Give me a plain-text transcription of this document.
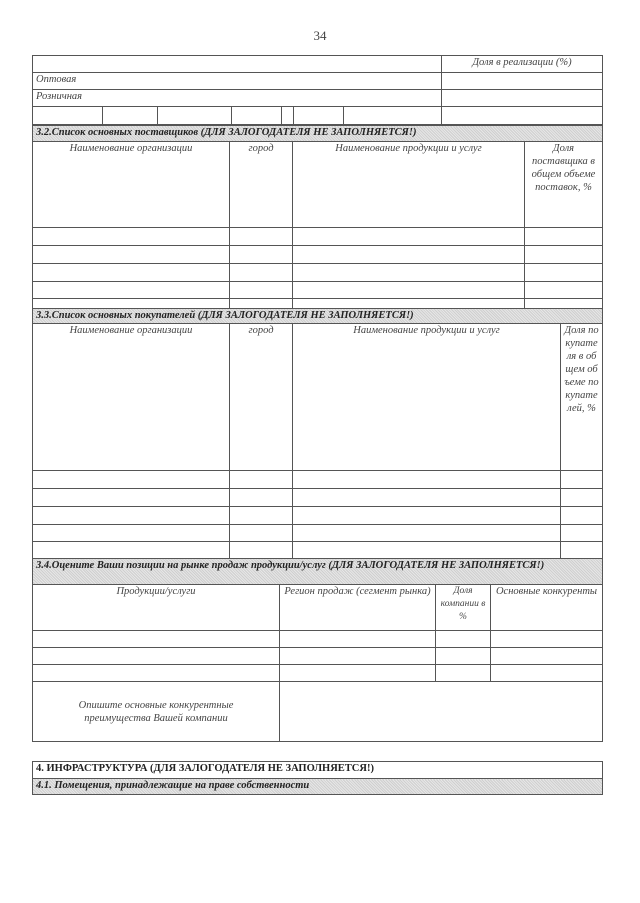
34
							Доля в реализации (%)
Оптовая							
Розничная							

3.2.Список основных поставщиков (ДЛЯ ЗАЛОГОДАТЕЛЯ НЕ ЗАПОЛНЯЕТСЯ!)			
Наименование организации	город	Наименование продукции и услуг	Доля поставщика в общем объеме поставок, %

3.3.Список основных покупателей (ДЛЯ ЗАЛОГОДАТЕЛЯ НЕ ЗАПОЛНЯЕТСЯ!)			
Наименование организации	город	Наименование продукции и услуг	Доля покупателя в общем объеме покупателей, %

3.4.Оцените Ваши позиции на рынке продаж продукции/услуг (ДЛЯ ЗАЛОГОДАТЕЛЯ НЕ ЗАПОЛНЯЕТСЯ!)			
Продукции/услуги	Регион продаж (сегмент рынка)	Доля компании в %	Основные конкуренты

Опишите основные конкурентные преимущества Вашей компании			
4. ИНФРАСТРУКТУРА (ДЛЯ ЗАЛОГОДАТЕЛЯ НЕ ЗАПОЛНЯЕТСЯ!)
4.1. Помещения, принадлежащие на праве собственности
